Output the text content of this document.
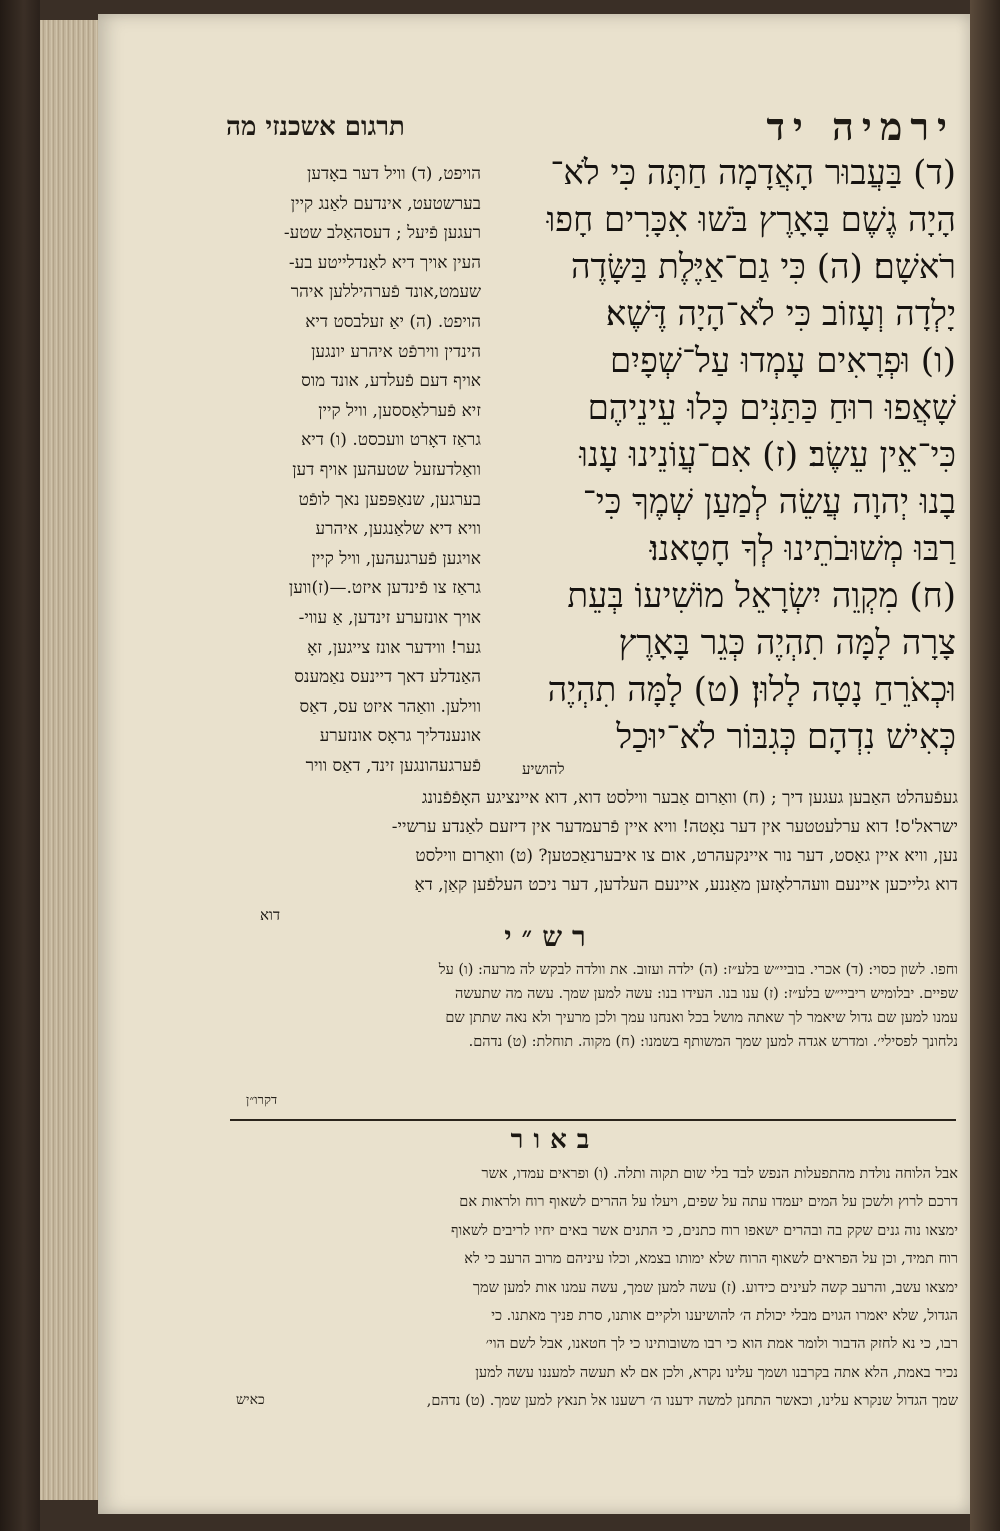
ירמיה יד
תרגום אשכנזי מה

(ד) בַּעֲבוּר הָאֲדָמָה חַתָּה כִּי לֹא־

הָיָה גֶשֶׁם בָּאָרֶץ בֹּשׁוּ אִכָּרִים חָפוּ

רֹאשָׁם׃ (ה) כִּי גַם־אַיֶּלֶת בַּשָּׂדֶה

יָלְדָה וְעָזוֹב כִּי לֹא־הָיָה דֶּשֶׁא׃

(ו) וּפְרָאִים עָמְדוּ עַל־שְׁפָיִם

שָׁאֲפוּ רוּחַ כַּתַּנִּים כָּלוּ עֵינֵיהֶם

כִּי־אֵין עֵשֶׂב׃ (ז) אִם־עֲוֹנֵינוּ עָנוּ

בָנוּ יְהוָה עֲשֵׂה לְמַעַן שְׁמֶךָ כִּי־

רַבּוּ מְשׁוּבֹתֵינוּ לְךָ חָטָאנוּ׃

(ח) מִקְוֵה יִשְׂרָאֵל מוֹשִׁיעוֹ בְּעֵת

צָרָה לָמָּה תִהְיֶה כְּגֵר בָּאָרֶץ

וּכְאֹרֵחַ נָטָה לָלוּן׃ (ט) לָמָּה תִהְיֶה

כְּאִישׁ נִדְהָם כְּגִבּוֹר לֹא־יוּכַל

להושיע

הויפט, (ד) וויל דער באָדען

בערשטעט, אינדעם לאַנג קיין

רעגען פֿיעל ; דעסהאַלב שטע-

העין אויך דיא לאַנדלייטע בע-

שעמט,אונד פֿערהיללען איהר

הויפט. (ה) יאַ זעלבסט דיא

הינדין ווירפֿט איהרע יונגען

אויף דעם פֿעלדע, אונד מוס

זיא פֿערלאַססען, וויל קיין

גראַז דאָרט וועכסט. (ו) דיא

וואַלדעזעל שטעהען אויף דען

בערגען, שנאַפּפען נאך לופֿט

וויא דיא שלאַנגען, איהרע

אויגען פֿערגעהען, וויל קיין

גראַז צו פֿינדען איזט.—(ז)ווען

אויך אונזערע זינדען, אַ עווי-

גער! ווידער אונז צייגען, זאָ

האַנדלע דאך דיינעס נאַמענס

ווילען. וואַהר איזט עס, דאַס

אונענדליך גראָס אונזערע

פֿערגעהונגען זינד, דאַס וויר

געפֿעהלט האַבען געגען דיך ; (ח) וואַרום אַבער ווילסט דוא, דוא איינציגע האָפֿפֿנונג

ישראל'ס! דוא ערלעטטער אין דער נאָטה! וויא איין פֿרעמדער אין דיזעם לאַנדע ערשיי-

נען, וויא איין גאַסט, דער נור איינקעהרט, אום צו איבערנאַכטען? (ט) וואַרום ווילסט

דוא גלייכען איינעם וועהרלאָזען מאַננע, איינעם העלדען, דער ניכט העלפֿען קאַן, דאַ

דוא
רש״י

וחפו. לשון כסוי: (ד) אכרי. בוביי״ש בלע״ז: (ה) ילדה ועזוב. את וולדה לבקש לה מרעה: (ו) על

שפיים. יבלומיש ריביי״ש בלע״ז: (ז) ענו בנו. העידו בנו: עשה למען שמך. עשה מה שתעשה

עמנו למען שם גדול שיאמר לך שאתה מושל בכל ואנחנו עמך ולכן מרעיך ולא נאה שתתן שם

נלחונך לפסילי׳. ומדרש אגדה למען שמך המשותף בשמנו: (ח) מקוה. תוחלת: (ט) נדהם.

דקרו״ן
באור

אבל הלוחה נולדת מהתפעלות הנפש לבד בלי שום תקוה ותלה. (ו) ופראים עמדו, אשר

דרכם לרוץ ולשכן על המים יעמדו עתה על שפים, ויעלו על ההרים לשאוף רוח ולראות אם

ימצאו נוה גנים שקק בה ובהרים ישאפו רוח כתנים, כי התנים אשר באים יחיו לריבים לשאוף

רוח תמיד, וכן על הפראים לשאוף הרוח שלא ימותו בצמא, וכלו עיניהם מרוב הרעב כי לא

ימצאו עשב, והרעב קשה לעינים כידוע. (ז) עשה למען שמך, עשה עמנו אות למען שמך

הגדול, שלא יאמרו הגוים מבלי יכולת ה׳ להושיענו ולקיים אותנו, סרת פניך מאתנו. כי

רבו, כי נא לחזק הדבור ולומר אמת הוא כי רבו משובותינו כי לך חטאנו, אבל לשם הוי׳

נכיר באמת, הלא אתה בקרבנו ושמך עלינו נקרא, ולכן אם לא תעשה למעננו עשה למען

שמך הגדול שנקרא עלינו, וכאשר התחנן למשה ידענו ה׳ רשענו אל תנאץ למען שמך. (ט) נדהם,

כאיש
